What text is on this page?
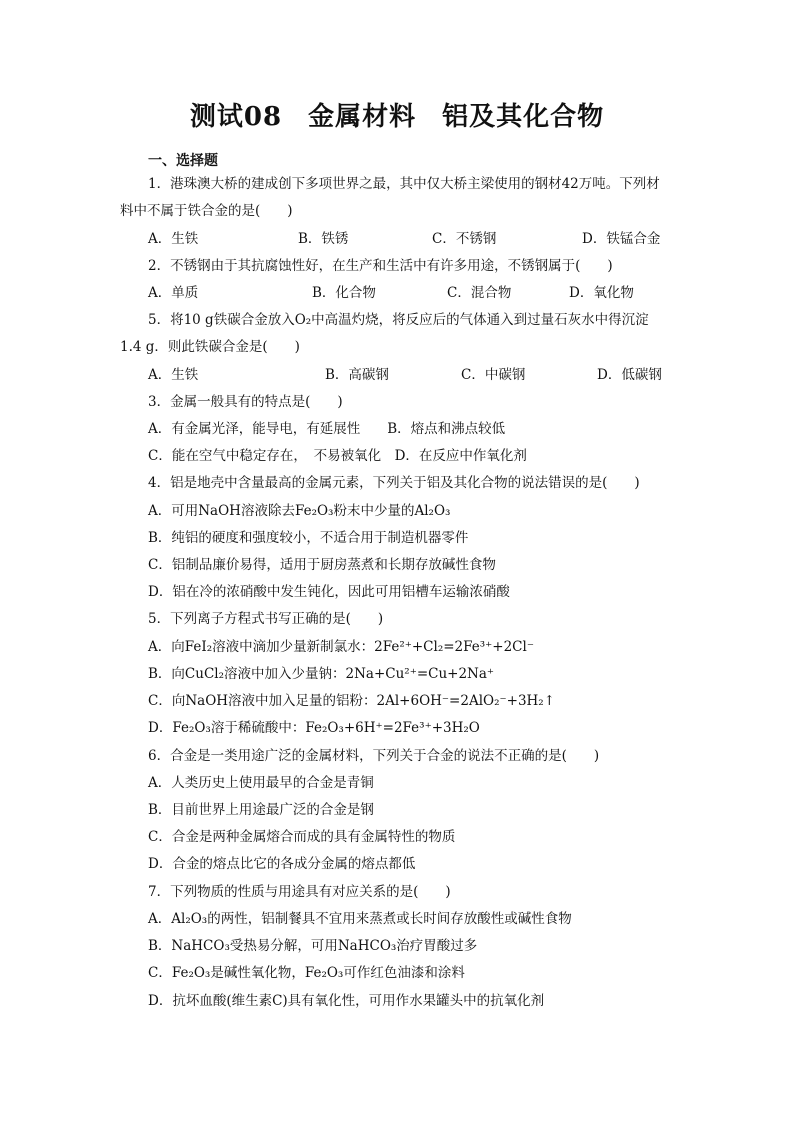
测试08 金属材料 铝及其化合物
一、选择题
1．港珠澳大桥的建成创下多项世界之最，其中仅大桥主梁使用的钢材42万吨。下列材
料中不属于铁合金的是(　　)
A．生铁	B．铁锈	C．不锈钢	D．铁锰合金
2．不锈钢由于其抗腐蚀性好，在生产和生活中有许多用途，不锈钢属于(　　)
A．单质	B．化合物	C．混合物	D．氧化物
5．将10 g铁碳合金放入O₂中高温灼烧，将反应后的气体通入到过量石灰水中得沉淀
1.4 g．则此铁碳合金是(　　)
A．生铁	B．高碳钢	C．中碳钢	D．低碳钢
3．金属一般具有的特点是(　　)
A．有金属光泽，能导电，有延展性　　B．熔点和沸点较低
C．能在空气中稳定存在，　不易被氧化　D．在反应中作氧化剂
4．铝是地壳中含量最高的金属元素，下列关于铝及其化合物的说法错误的是(　　)
A．可用NaOH溶液除去Fe₂O₃粉末中少量的Al₂O₃
B．纯铝的硬度和强度较小，不适合用于制造机器零件
C．铝制品廉价易得，适用于厨房蒸煮和长期存放碱性食物
D．铝在冷的浓硝酸中发生钝化，因此可用铝槽车运输浓硝酸
5．下列离子方程式书写正确的是(　　)
A．向FeI₂溶液中滴加少量新制氯水：2Fe²⁺+Cl₂=2Fe³⁺+2Cl⁻
B．向CuCl₂溶液中加入少量钠：2Na+Cu²⁺=Cu+2Na⁺
C．向NaOH溶液中加入足量的铝粉：2Al+6OH⁻=2AlO₂⁻+3H₂↑
D．Fe₂O₃溶于稀硫酸中：Fe₂O₃+6H⁺=2Fe³⁺+3H₂O
6．合金是一类用途广泛的金属材料，下列关于合金的说法不正确的是(　　)
A．人类历史上使用最早的合金是青铜
B．目前世界上用途最广泛的合金是钢
C．合金是两种金属熔合而成的具有金属特性的物质
D．合金的熔点比它的各成分金属的熔点都低
7．下列物质的性质与用途具有对应关系的是(　　)
A．Al₂O₃的两性，铝制餐具不宜用来蒸煮或长时间存放酸性或碱性食物
B．NaHCO₃受热易分解，可用NaHCO₃治疗胃酸过多
C．Fe₂O₃是碱性氧化物，Fe₂O₃可作红色油漆和涂料
D．抗坏血酸(维生素C)具有氧化性，可用作水果罐头中的抗氧化剂
